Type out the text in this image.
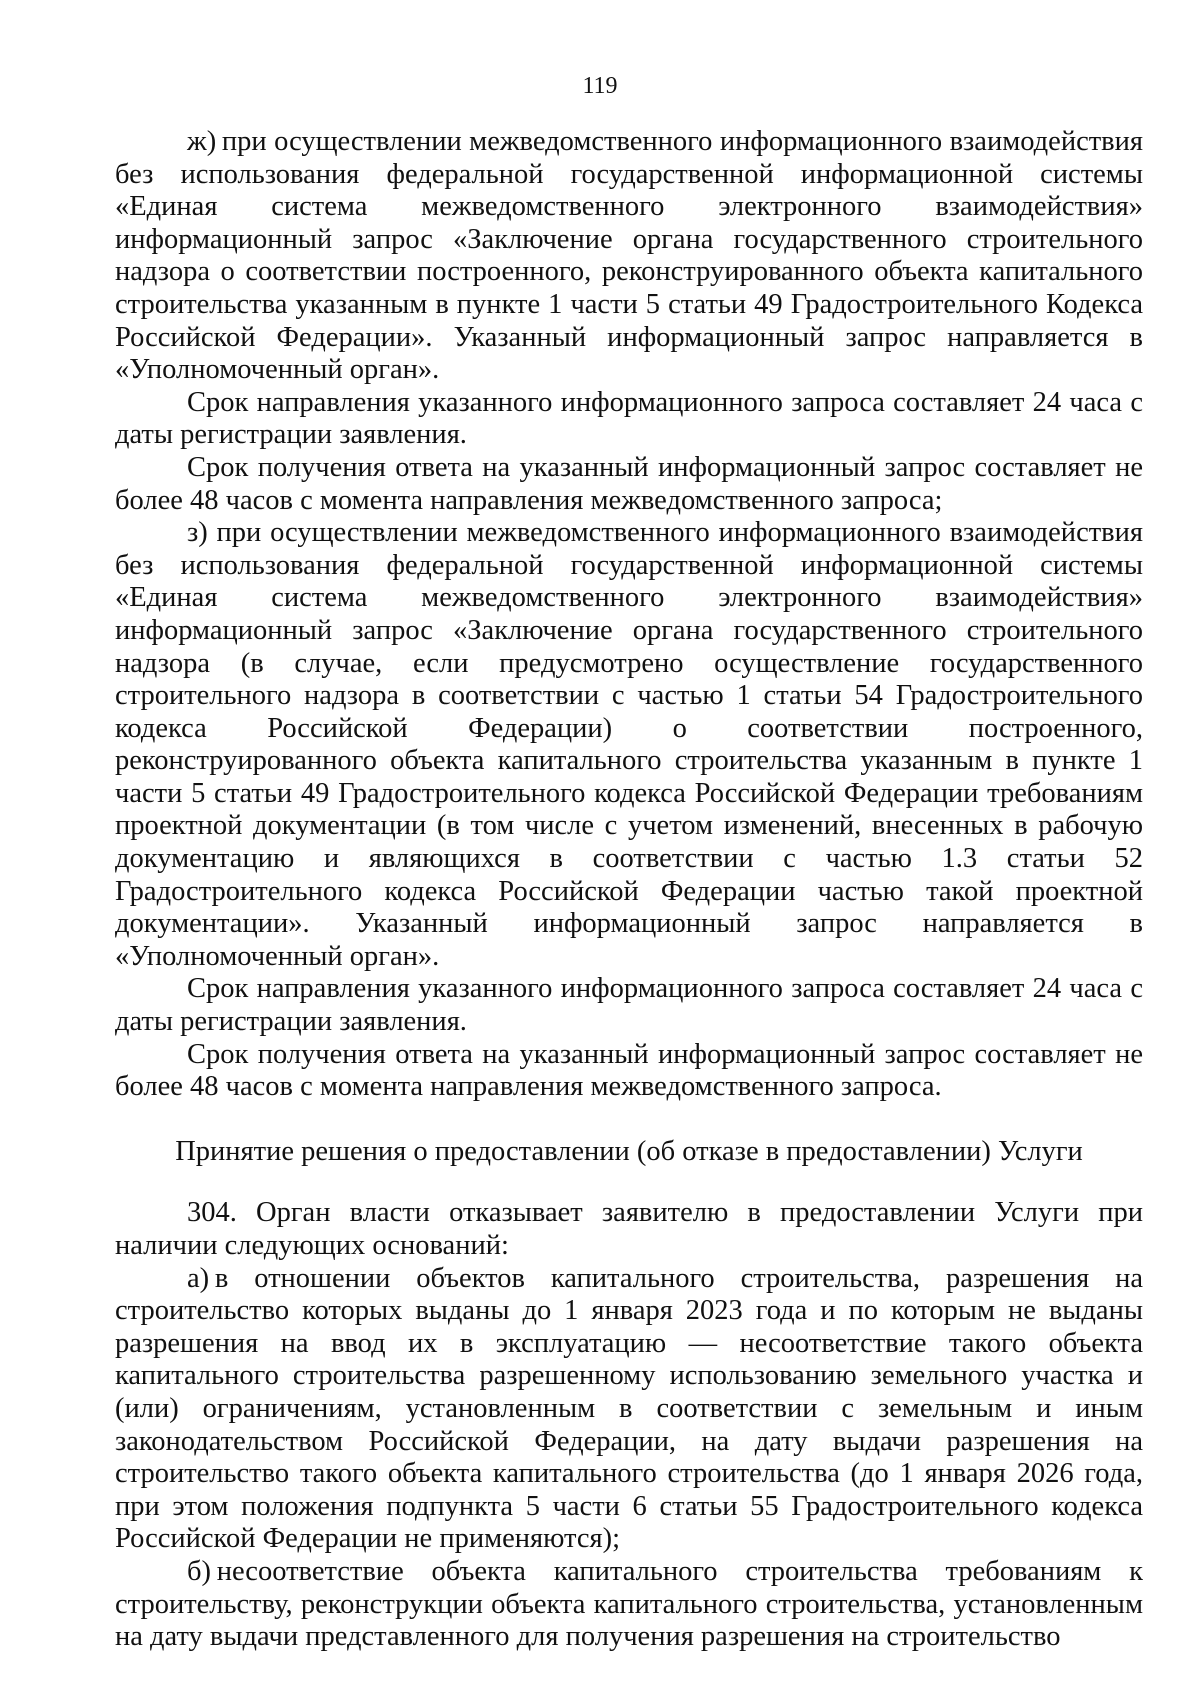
119

ж) при осуществлении межведомственного информационного взаимодействия без использования федеральной государственной информационной системы «Единая система межведомственного электронного взаимодействия» информационный запрос «Заключение органа государственного строительного надзора о соответствии построенного, реконструированного объекта капитального строительства указанным в пункте 1 части 5 статьи 49 Градостроительного Кодекса Российской Федерации». Указанный информационный запрос направляется в «Уполномоченный орган».

Срок направления указанного информационного запроса составляет 24 часа с даты регистрации заявления.

Срок получения ответа на указанный информационный запрос составляет не более 48 часов с момента направления межведомственного запроса;

з) при осуществлении межведомственного информационного взаимодействия без использования федеральной государственной информационной системы «Единая система межведомственного электронного взаимодействия» информационный запрос «Заключение органа государственного строительного надзора (в случае, если предусмотрено осуществление государственного строительного надзора в соответствии с частью 1 статьи 54 Градостроительного кодекса Российской Федерации) о соответствии построенного, реконструированного объекта капитального строительства указанным в пункте 1 части 5 статьи 49 Градостроительного кодекса Российской Федерации требованиям проектной документации (в том числе с учетом изменений, внесенных в рабочую документацию и являющихся в соответствии с частью 1.3 статьи 52 Градостроительного кодекса Российской Федерации частью такой проектной документации». Указанный информационный запрос направляется в «Уполномоченный орган».

Срок направления указанного информационного запроса составляет 24 часа с даты регистрации заявления.

Срок получения ответа на указанный информационный запрос составляет не более 48 часов с момента направления межведомственного запроса.

Принятие решения о предоставлении (об отказе в предоставлении) Услуги

304. Орган власти отказывает заявителю в предоставлении Услуги при наличии следующих оснований:

а) в отношении объектов капитального строительства, разрешения на строительство которых выданы до 1 января 2023 года и по которым не выданы разрешения на ввод их в эксплуатацию — несоответствие такого объекта капитального строительства разрешенному использованию земельного участка и (или) ограничениям, установленным в соответствии с земельным и иным законодательством Российской Федерации, на дату выдачи разрешения на строительство такого объекта капитального строительства (до 1 января 2026 года, при этом положения подпункта 5 части 6 статьи 55 Градостроительного кодекса Российской Федерации не применяются);

б) несоответствие объекта капитального строительства требованиям к строительству, реконструкции объекта капитального строительства, установленным на дату выдачи представленного для получения разрешения на строительство
